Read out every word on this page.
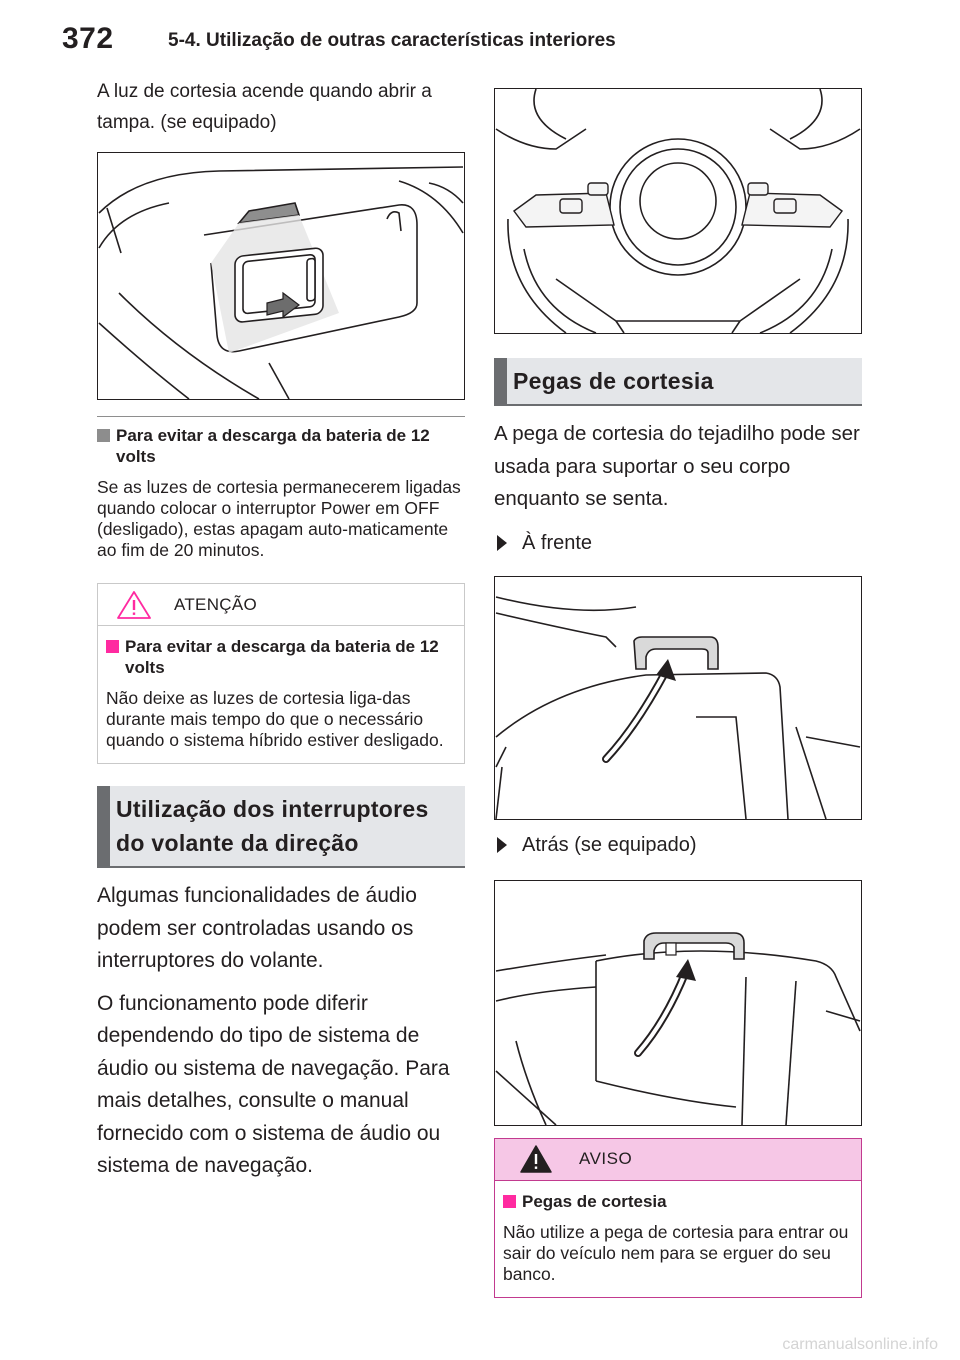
372	5-4. Utilização de outras características interiores

A luz de cortesia acende quando abrir a tampa. (se equipado)

Para evitar a descarga da bateria de 12 volts

Se as luzes de cortesia permanecerem ligadas quando colocar o interruptor Power em OFF (desligado), estas apagam auto-maticamente ao fim de 20 minutos.

ATENÇÃO
Para evitar a descarga da bateria de 12 volts

Não deixe as luzes de cortesia liga-das durante mais tempo do que o necessário quando o sistema híbrido estiver desligado.

Utilização dos interruptores do volante da direção

Algumas funcionalidades de áudio podem ser controladas usando os interruptores do volante.

O funcionamento pode diferir dependendo do tipo de sistema de áudio ou sistema de navegação. Para mais detalhes, consulte o manual fornecido com o sistema de áudio ou sistema de navegação.

Pegas de cortesia

A pega de cortesia do tejadilho pode ser usada para suportar o seu corpo enquanto se senta.

À frente
Atrás (se equipado)
AVISO
Pegas de cortesia

Não utilize a pega de cortesia para entrar ou sair do veículo nem para se erguer do seu banco.

carmanualsonline.info
